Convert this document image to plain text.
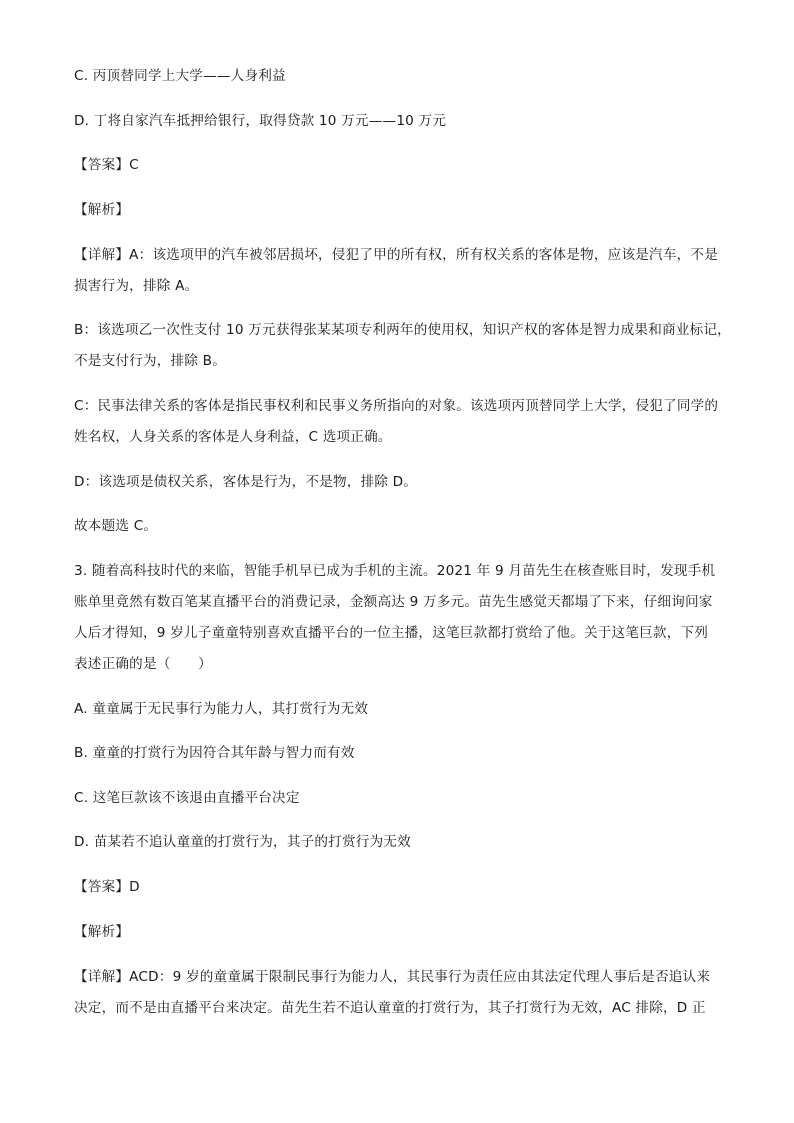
C. 丙顶替同学上大学——人身利益
D. 丁将自家汽车抵押给银行，取得贷款 10 万元——10 万元
【答案】C
【解析】
【详解】A：该选项甲的汽车被邻居损坏，侵犯了甲的所有权，所有权关系的客体是物，应该是汽车，不是
损害行为，排除 A。
B：该选项乙一次性支付 10 万元获得张某某项专利两年的使用权，知识产权的客体是智力成果和商业标记，
不是支付行为，排除 B。
C：民事法律关系的客体是指民事权利和民事义务所指向的对象。该选项丙顶替同学上大学，侵犯了同学的
姓名权，人身关系的客体是人身利益，C 选项正确。
D：该选项是债权关系，客体是行为，不是物，排除 D。
故本题选 C。
3. 随着高科技时代的来临，智能手机早已成为手机的主流。2021 年 9 月苗先生在核查账目时，发现手机
账单里竟然有数百笔某直播平台的消费记录，金额高达 9 万多元。苗先生感觉天都塌了下来，仔细询问家
人后才得知，9 岁儿子童童特别喜欢直播平台的一位主播，这笔巨款都打赏给了他。关于这笔巨款，下列
表述正确的是（　　）
A. 童童属于无民事行为能力人，其打赏行为无效
B. 童童的打赏行为因符合其年龄与智力而有效
C. 这笔巨款该不该退由直播平台决定
D. 苗某若不追认童童的打赏行为，其子的打赏行为无效
【答案】D
【解析】
【详解】ACD：9 岁的童童属于限制民事行为能力人，其民事行为责任应由其法定代理人事后是否追认来
决定，而不是由直播平台来决定。苗先生若不追认童童的打赏行为，其子打赏行为无效，AC 排除，D 正
